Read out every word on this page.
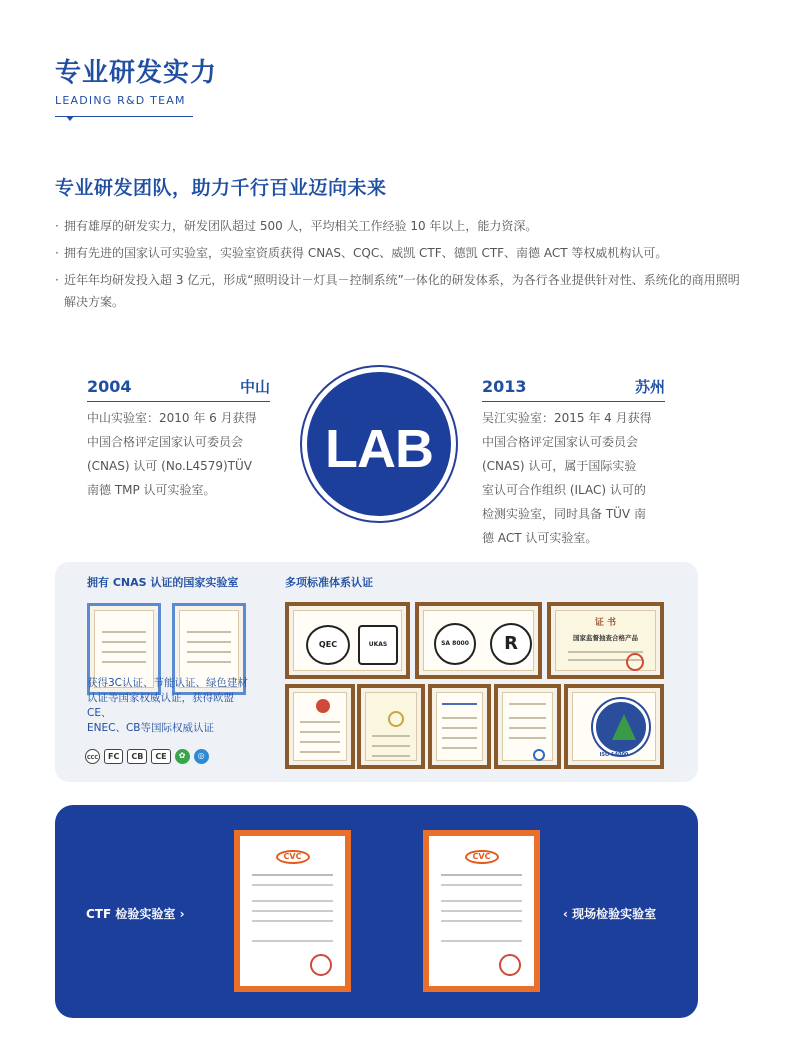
专业研发实力
LEADING R&D TEAM
专业研发团队，助力千行百业迈向未来
· 拥有雄厚的研发实力，研发团队超过 500 人，平均相关工作经验 10 年以上，能力资深。
· 拥有先进的国家认可实验室，实验室资质获得 CNAS、CQC、威凯 CTF、德凯 CTF、南德 ACT 等权威机构认可。
· 近年年均研发投入超 3 亿元，形成“照明设计－灯具－控制系统”一体化的研发体系，为各行各业提供针对性、系统化的商用照明解决方案。
2004	中山
中山实验室：2010 年 6 月获得
中国合格评定国家认可委员会
(CNAS) 认可 (No.L4579)TÜV
南德 TMP 认可实验室。
LAB
2013	苏州
吴江实验室：2015 年 4 月获得
中国合格评定国家认可委员会
(CNAS) 认可，属于国际实验
室认可合作组织 (ILAC) 认可的
检测实验室，同时具备 TÜV 南
德 ACT 认可实验室。
拥有 CNAS 认证的国家实验室	多项标准体系认证
获得3C认证、节能认证、绿色建材
认证等国家权威认证，获得欧盟CE、
ENEC、CB等国际权威认证
CCC	FC	CB	CE	✿	◎
QEC	UKAS	SA 8000	R
证 书
国家监督抽查合格产品
ISO 14000
CTF 检验实验室 ›	‹ 现场检验实验室
CVC	CVC
